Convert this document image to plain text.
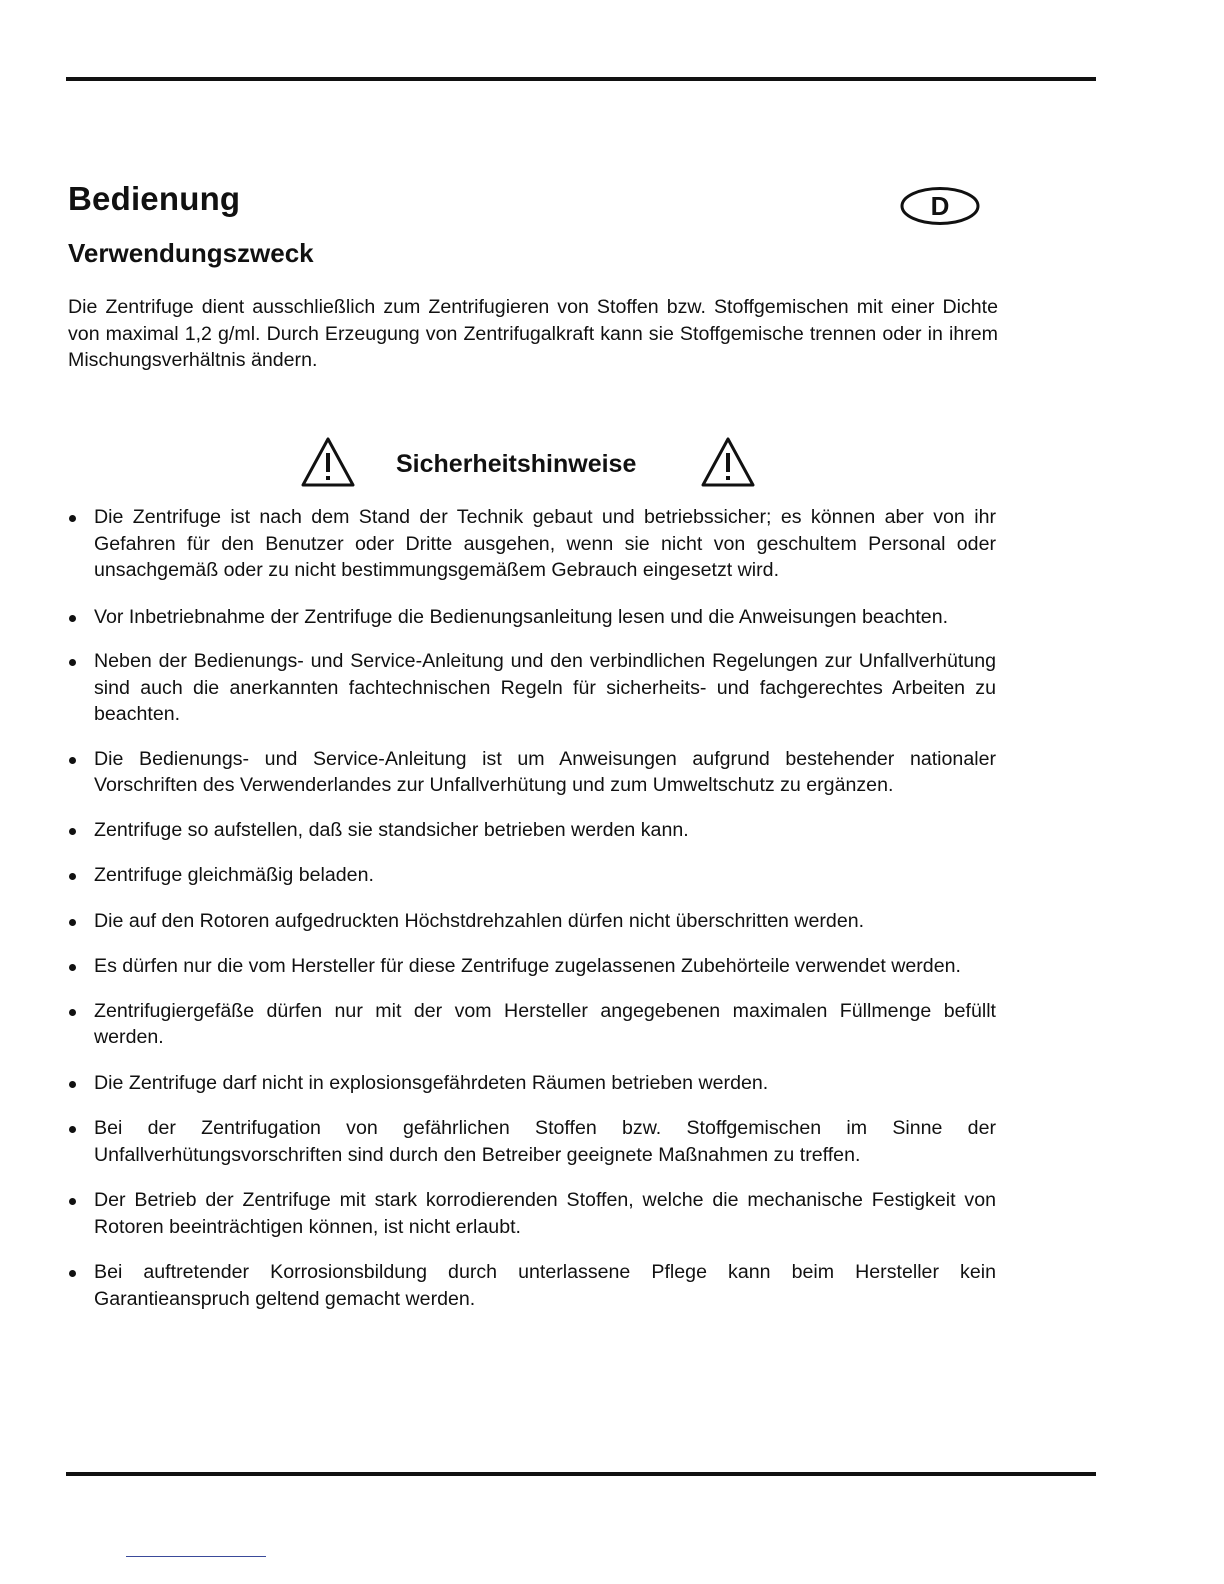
Bedienung	D
Verwendungszweck

Die Zentrifuge dient ausschließlich zum Zentrifugieren von Stoffen bzw. Stoffgemischen mit einer Dichte von maximal 1,2 g/ml. Durch Erzeugung von Zentrifugalkraft kann sie Stoffgemische trennen oder in ihrem Mischungsverhältnis ändern.

Sicherheitshinweise
Die Zentrifuge ist nach dem Stand der Technik gebaut und betriebssicher; es können aber von ihr Gefahren für den Benutzer oder Dritte ausgehen, wenn sie nicht von geschultem Personal oder unsachgemäß oder zu nicht bestimmungsgemäßem Gebrauch eingesetzt wird.
Vor Inbetriebnahme der Zentrifuge die Bedienungsanleitung lesen und die Anweisungen beachten.
Neben der Bedienungs- und Service-Anleitung und den verbindlichen Regelungen zur Unfallverhütung sind auch die anerkannten fachtechnischen Regeln für sicherheits- und fachgerechtes Arbeiten zu beachten.
Die Bedienungs- und Service-Anleitung ist um Anweisungen aufgrund bestehender nationaler Vorschriften des Verwenderlandes zur Unfallverhütung und zum Umweltschutz zu ergänzen.
Zentrifuge so aufstellen, daß sie standsicher betrieben werden kann.
Zentrifuge gleichmäßig beladen.
Die auf den Rotoren aufgedruckten Höchstdrehzahlen dürfen nicht überschritten werden.
Es dürfen nur die vom Hersteller für diese Zentrifuge zugelassenen Zubehörteile verwendet werden.
Zentrifugiergefäße dürfen nur mit der vom Hersteller angegebenen maximalen Füllmenge befüllt werden.
Die Zentrifuge darf nicht in explosionsgefährdeten Räumen betrieben werden.
Bei der Zentrifugation von gefährlichen Stoffen bzw. Stoffgemischen im Sinne der Unfallverhütungsvorschriften sind durch den Betreiber geeignete Maßnahmen zu treffen.
Der Betrieb der Zentrifuge mit stark korrodierenden Stoffen, welche die mechanische Festigkeit von Rotoren beeinträchtigen können, ist nicht erlaubt.
Bei auftretender Korrosionsbildung durch unterlassene Pflege kann beim Hersteller kein Garantieanspruch geltend gemacht werden.
